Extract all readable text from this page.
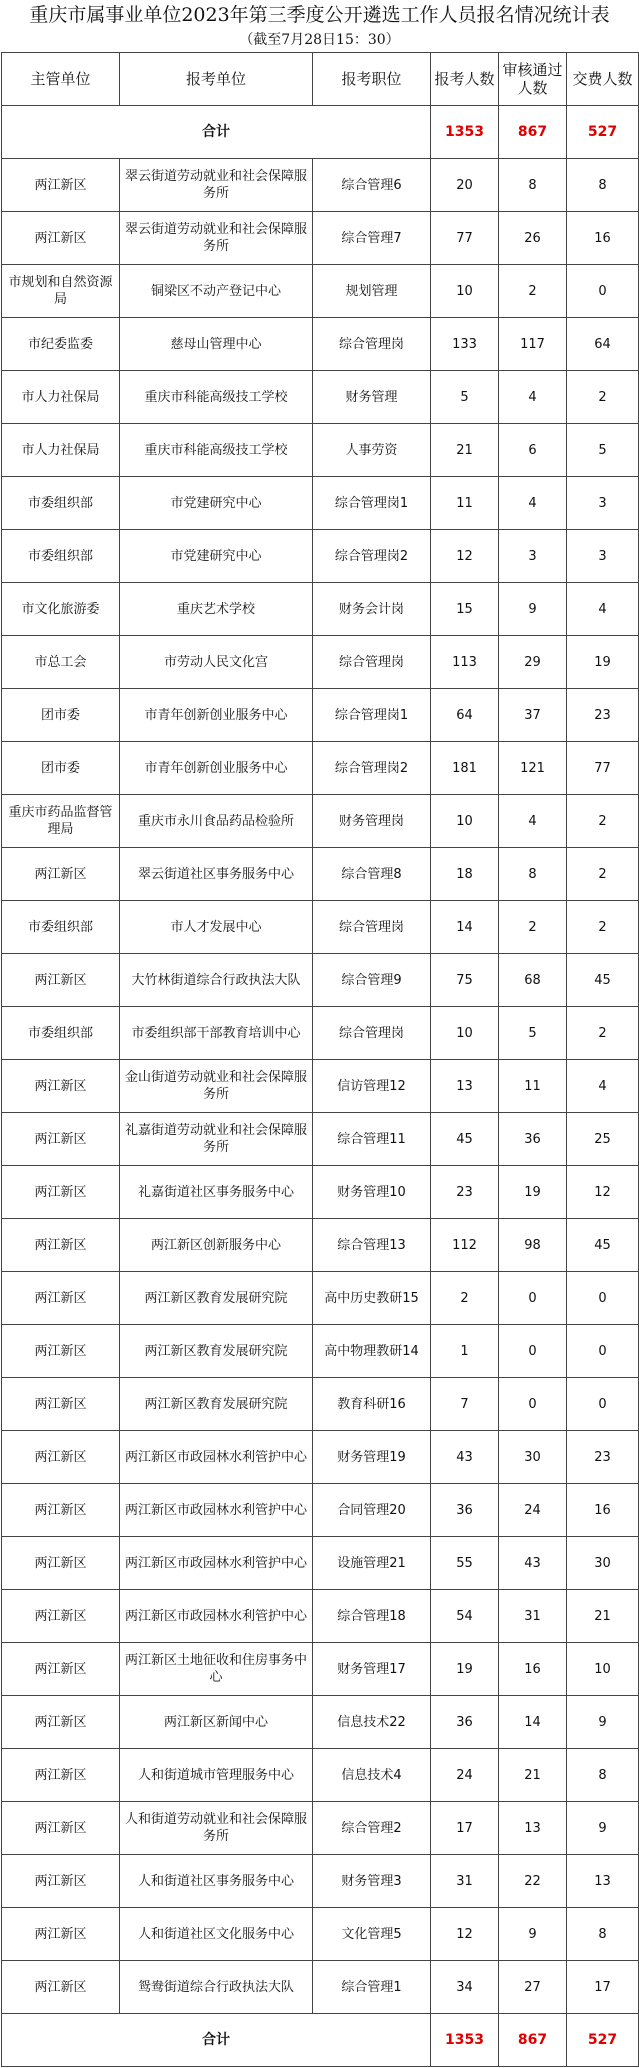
重庆市属事业单位2023年第三季度公开遴选工作人员报名情况统计表
（截至7月28日15：30）
主管单位	报考单位	报考职位	报考人数	审核通过人数	交费人数
合计			1353	867	527
两江新区	翠云街道劳动就业和社会保障服务所	综合管理6	20	8	8
两江新区	翠云街道劳动就业和社会保障服务所	综合管理7	77	26	16
市规划和自然资源局	铜梁区不动产登记中心	规划管理	10	2	0
市纪委监委	慈母山管理中心	综合管理岗	133	117	64
市人力社保局	重庆市科能高级技工学校	财务管理	5	4	2
市人力社保局	重庆市科能高级技工学校	人事劳资	21	6	5
市委组织部	市党建研究中心	综合管理岗1	11	4	3
市委组织部	市党建研究中心	综合管理岗2	12	3	3
市文化旅游委	重庆艺术学校	财务会计岗	15	9	4
市总工会	市劳动人民文化宫	综合管理岗	113	29	19
团市委	市青年创新创业服务中心	综合管理岗1	64	37	23
团市委	市青年创新创业服务中心	综合管理岗2	181	121	77
重庆市药品监督管理局	重庆市永川食品药品检验所	财务管理岗	10	4	2
两江新区	翠云街道社区事务服务中心	综合管理8	18	8	2
市委组织部	市人才发展中心	综合管理岗	14	2	2
两江新区	大竹林街道综合行政执法大队	综合管理9	75	68	45
市委组织部	市委组织部干部教育培训中心	综合管理岗	10	5	2
两江新区	金山街道劳动就业和社会保障服务所	信访管理12	13	11	4
两江新区	礼嘉街道劳动就业和社会保障服务所	综合管理11	45	36	25
两江新区	礼嘉街道社区事务服务中心	财务管理10	23	19	12
两江新区	两江新区创新服务中心	综合管理13	112	98	45
两江新区	两江新区教育发展研究院	高中历史教研15	2	0	0
两江新区	两江新区教育发展研究院	高中物理教研14	1	0	0
两江新区	两江新区教育发展研究院	教育科研16	7	0	0
两江新区	两江新区市政园林水利管护中心	财务管理19	43	30	23
两江新区	两江新区市政园林水利管护中心	合同管理20	36	24	16
两江新区	两江新区市政园林水利管护中心	设施管理21	55	43	30
两江新区	两江新区市政园林水利管护中心	综合管理18	54	31	21
两江新区	两江新区土地征收和住房事务中心	财务管理17	19	16	10
两江新区	两江新区新闻中心	信息技术22	36	14	9
两江新区	人和街道城市管理服务中心	信息技术4	24	21	8
两江新区	人和街道劳动就业和社会保障服务所	综合管理2	17	13	9
两江新区	人和街道社区事务服务中心	财务管理3	31	22	13
两江新区	人和街道社区文化服务中心	文化管理5	12	9	8
两江新区	鸳鸯街道综合行政执法大队	综合管理1	34	27	17
合计			1353	867	527
